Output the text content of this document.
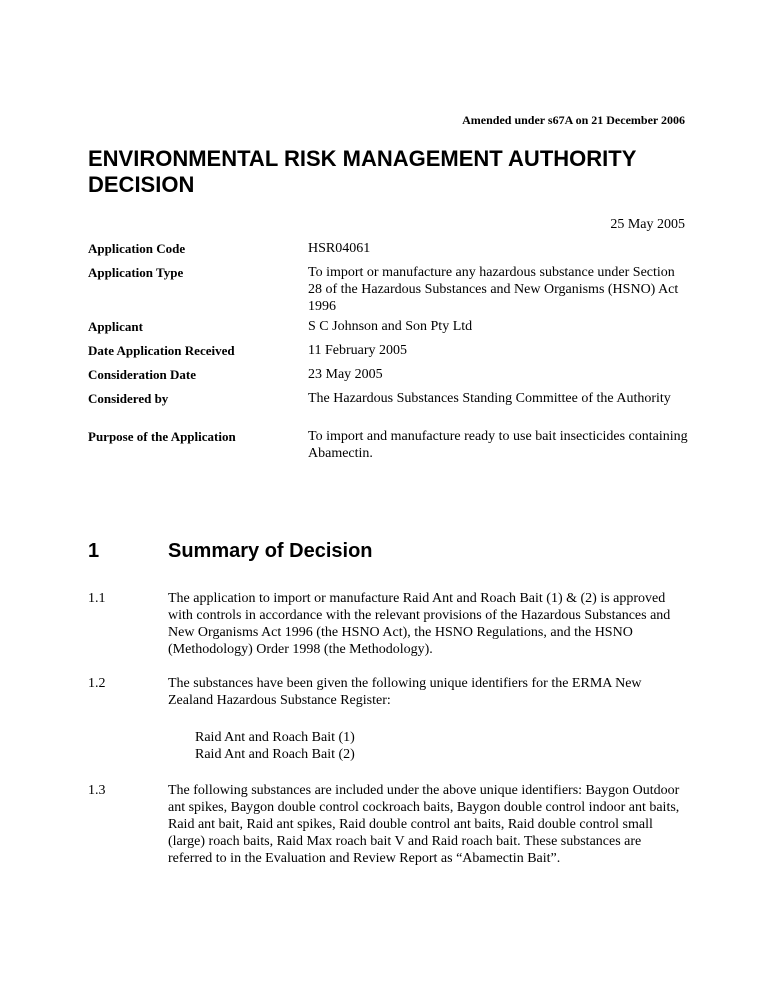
Amended under s67A on 21 December 2006
ENVIRONMENTAL RISK MANAGEMENT AUTHORITY DECISION
25 May 2005
Application Code	HSR04061
Application Type	To import or manufacture any hazardous substance under Section 28 of the Hazardous Substances and New Organisms (HSNO) Act 1996
Applicant	S C Johnson and Son Pty Ltd
Date Application Received	11 February 2005
Consideration Date	23 May 2005
Considered by	The Hazardous Substances Standing Committee of the Authority
Purpose of the Application	To import and manufacture ready to use bait insecticides containing Abamectin.
1	Summary of Decision
1.1	The application to import or manufacture Raid Ant and Roach Bait (1) & (2) is approved with controls in accordance with the relevant provisions of the Hazardous Substances and New Organisms Act 1996 (the HSNO Act), the HSNO Regulations, and the HSNO (Methodology) Order 1998 (the Methodology).
1.2	The substances have been given the following unique identifiers for the ERMA New Zealand Hazardous Substance Register:
Raid Ant and Roach Bait (1)
Raid Ant and Roach Bait (2)
1.3	The following substances are included under the above unique identifiers: Baygon Outdoor ant spikes, Baygon double control cockroach baits, Baygon double control indoor ant baits, Raid ant bait, Raid ant spikes, Raid double control ant baits, Raid double control small (large) roach baits, Raid Max roach bait V and Raid roach bait. These substances are referred to in the Evaluation and Review Report as “Abamectin Bait”.
